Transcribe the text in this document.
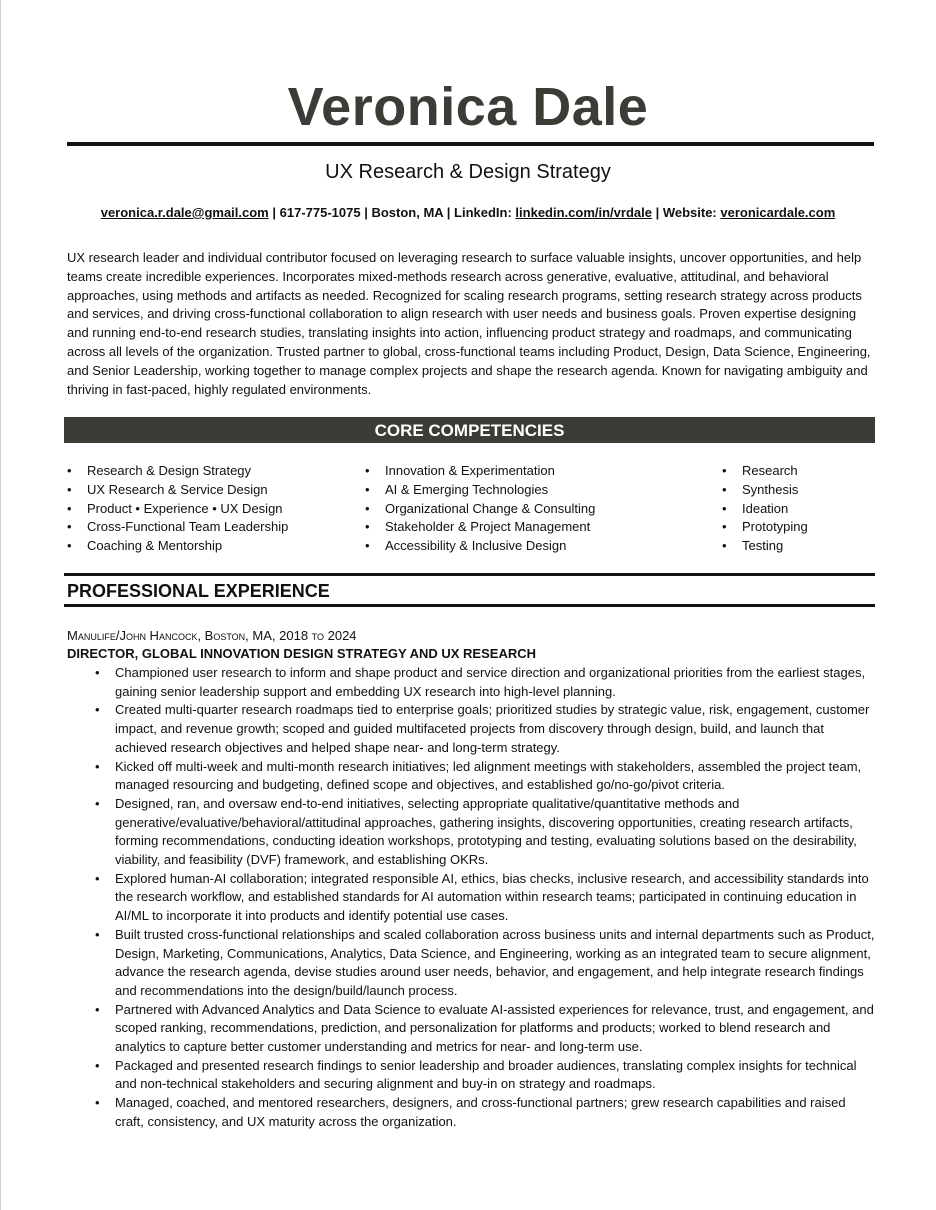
Veronica Dale
UX Research & Design Strategy
veronica.r.dale@gmail.com | 617-775-1075 | Boston, MA | LinkedIn: linkedin.com/in/vrdale | Website: veronicardale.com

UX research leader and individual contributor focused on leveraging research to surface valuable insights, uncover opportunities, and help teams create incredible experiences. Incorporates mixed-methods research across generative, evaluative, attitudinal, and behavioral approaches, using methods and artifacts as needed. Recognized for scaling research programs, setting research strategy across products and services, and driving cross-functional collaboration to align research with user needs and business goals. Proven expertise designing and running end-to-end research studies, translating insights into action, influencing product strategy and roadmaps, and communicating across all levels of the organization. Trusted partner to global, cross-functional teams including Product, Design, Data Science, Engineering, and Senior Leadership, working together to manage complex projects and shape the research agenda. Known for navigating ambiguity and thriving in fast-paced, highly regulated environments.

CORE COMPETENCIES
• Research & Design Strategy
• UX Research & Service Design
• Product • Experience • UX Design
• Cross-Functional Team Leadership
• Coaching & Mentorship
• Innovation & Experimentation
• AI & Emerging Technologies
• Organizational Change & Consulting
• Stakeholder & Project Management
• Accessibility & Inclusive Design
• Research
• Synthesis
• Ideation
• Prototyping
• Testing
PROFESSIONAL EXPERIENCE
Manulife/John Hancock, Boston, MA, 2018 to 2024
DIRECTOR, GLOBAL INNOVATION DESIGN STRATEGY AND UX RESEARCH
• Championed user research to inform and shape product and service direction and organizational priorities from the earliest stages, gaining senior leadership support and embedding UX research into high-level planning.
• Created multi-quarter research roadmaps tied to enterprise goals; prioritized studies by strategic value, risk, engagement, customer impact, and revenue growth; scoped and guided multifaceted projects from discovery through design, build, and launch that achieved research objectives and helped shape near- and long-term strategy.
• Kicked off multi-week and multi-month research initiatives; led alignment meetings with stakeholders, assembled the project team, managed resourcing and budgeting, defined scope and objectives, and established go/no-go/pivot criteria.
• Designed, ran, and oversaw end-to-end initiatives, selecting appropriate qualitative/quantitative methods and generative/evaluative/behavioral/attitudinal approaches, gathering insights, discovering opportunities, creating research artifacts, forming recommendations, conducting ideation workshops, prototyping and testing, evaluating solutions based on the desirability, viability, and feasibility (DVF) framework, and establishing OKRs.
• Explored human-AI collaboration; integrated responsible AI, ethics, bias checks, inclusive research, and accessibility standards into the research workflow, and established standards for AI automation within research teams; participated in continuing education in AI/ML to incorporate it into products and identify potential use cases.
• Built trusted cross-functional relationships and scaled collaboration across business units and internal departments such as Product, Design, Marketing, Communications, Analytics, Data Science, and Engineering, working as an integrated team to secure alignment, advance the research agenda, devise studies around user needs, behavior, and engagement, and help integrate research findings and recommendations into the design/build/launch process.
• Partnered with Advanced Analytics and Data Science to evaluate AI-assisted experiences for relevance, trust, and engagement, and scoped ranking, recommendations, prediction, and personalization for platforms and products; worked to blend research and analytics to capture better customer understanding and metrics for near- and long-term use.
• Packaged and presented research findings to senior leadership and broader audiences, translating complex insights for technical and non-technical stakeholders and securing alignment and buy-in on strategy and roadmaps.
• Managed, coached, and mentored researchers, designers, and cross-functional partners; grew research capabilities and raised craft, consistency, and UX maturity across the organization.
